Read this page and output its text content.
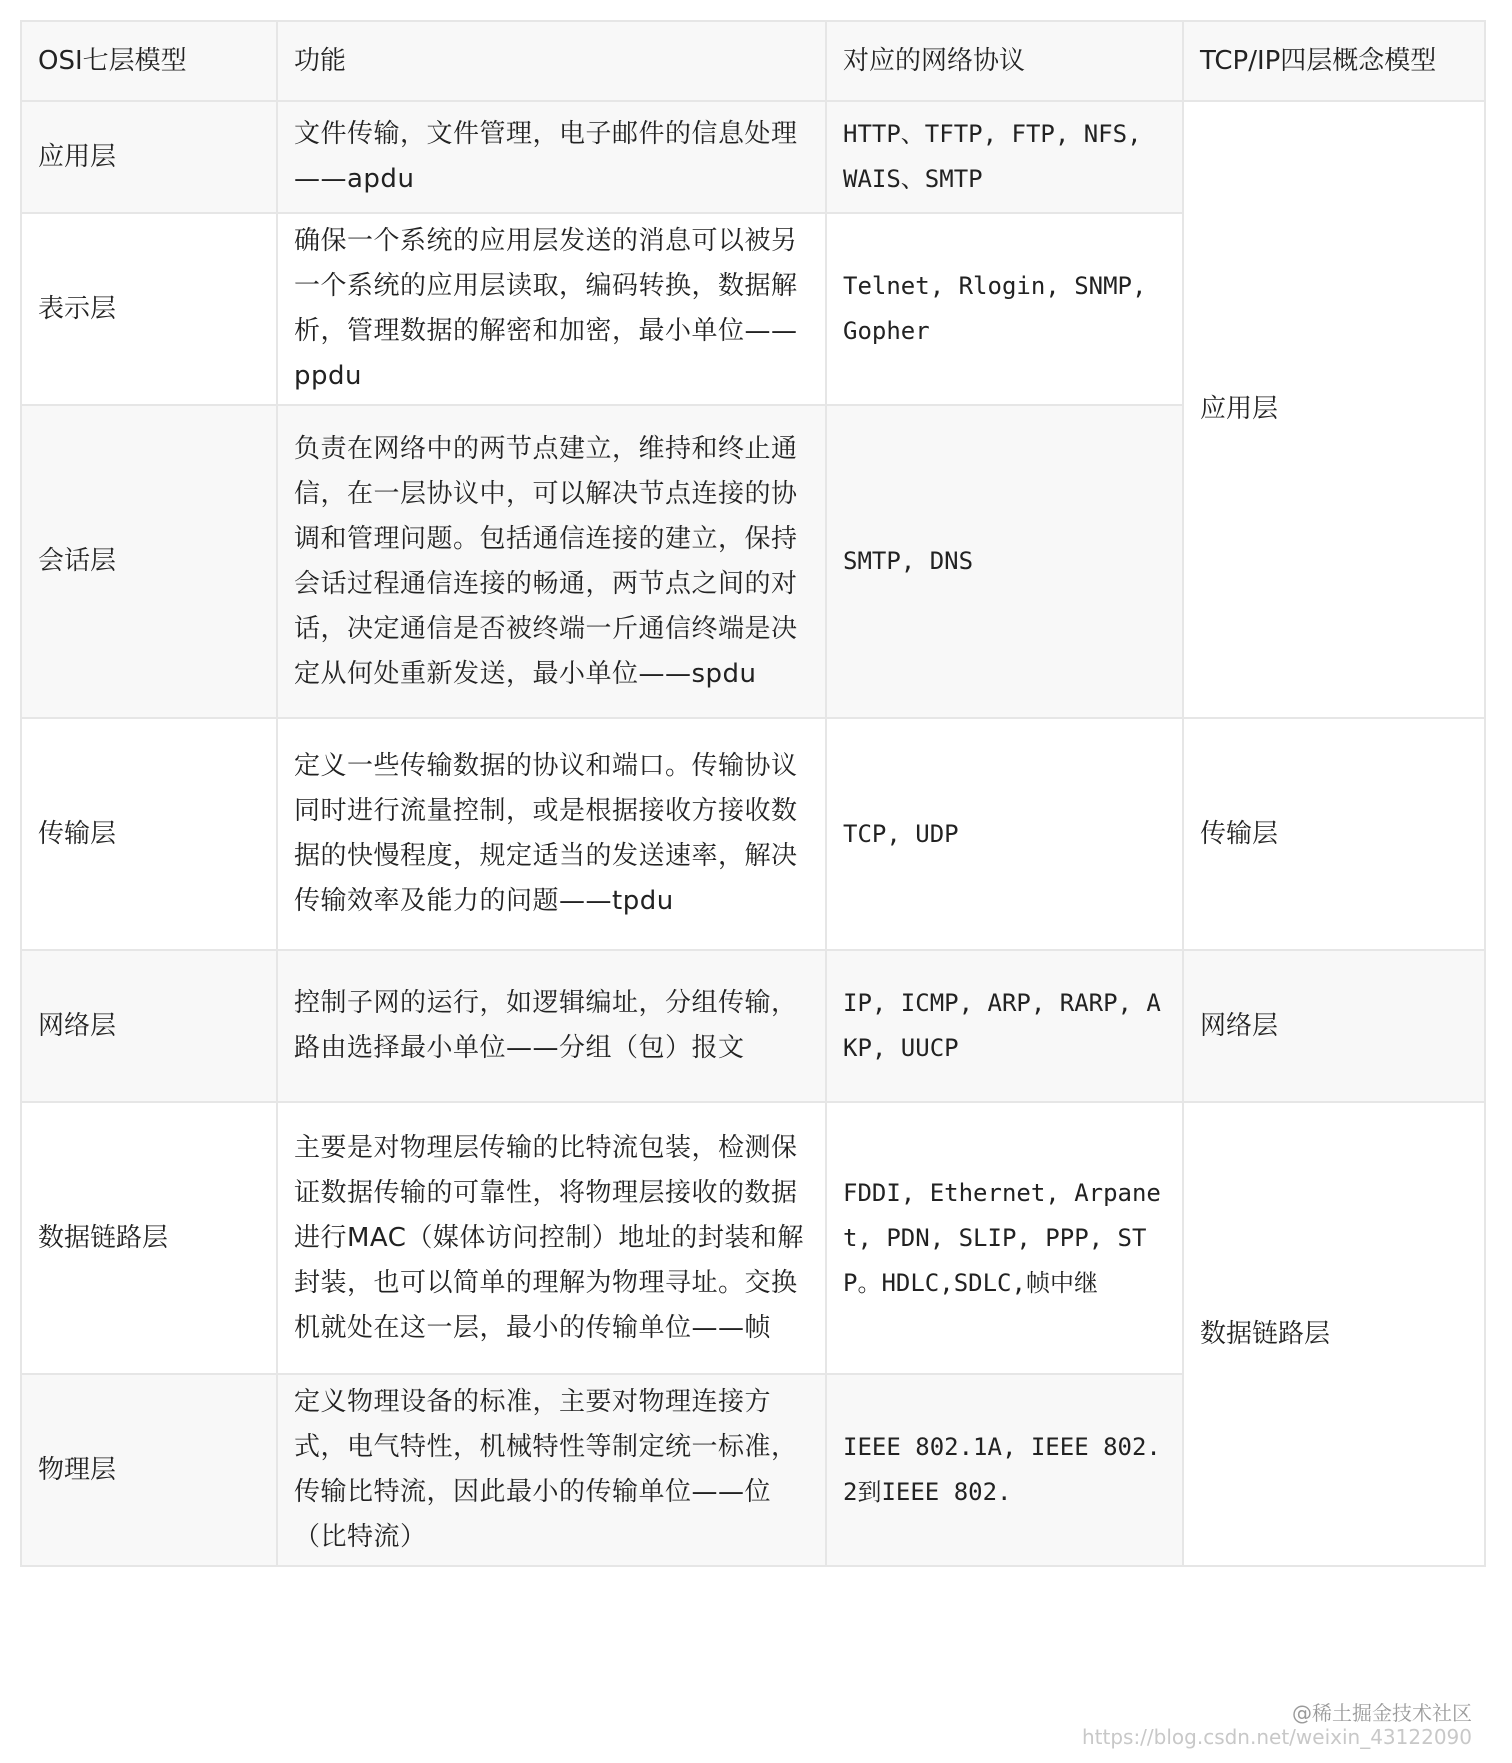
OSI七层模型	功能	对应的网络协议	TCP/IP四层概念模型
应用层	文件传输，文件管理，电子邮件的信息处理——apdu	HTTP、TFTP, FTP, NFS, WAIS、SMTP	应用层
表示层	确保一个系统的应用层发送的消息可以被另一个系统的应用层读取，编码转换，数据解析，管理数据的解密和加密，最小单位——ppdu	Telnet, Rlogin, SNMP, Gopher	
会话层	负责在网络中的两节点建立，维持和终止通信，在一层协议中，可以解决节点连接的协调和管理问题。包括通信连接的建立，保持会话过程通信连接的畅通，两节点之间的对话，决定通信是否被终端一斤通信终端是决定从何处重新发送，最小单位——spdu	SMTP, DNS	
传输层	定义一些传输数据的协议和端口。传输协议同时进行流量控制，或是根据接收方接收数据的快慢程度，规定适当的发送速率，解决传输效率及能力的问题——tpdu	TCP, UDP	传输层
网络层	控制子网的运行，如逻辑编址，分组传输，路由选择最小单位——分组（包）报文	IP, ICMP, ARP, RARP, AKP, UUCP	网络层
数据链路层	主要是对物理层传输的比特流包装，检测保证数据传输的可靠性，将物理层接收的数据进行MAC（媒体访问控制）地址的封装和解封装，也可以简单的理解为物理寻址。交换机就处在这一层，最小的传输单位——帧	FDDI, Ethernet, Arpanet, PDN, SLIP, PPP, STP。HDLC,SDLC,帧中继	数据链路层
物理层	定义物理设备的标准，主要对物理连接方式，电气特性，机械特性等制定统一标准，传输比特流，因此最小的传输单位——位（比特流）	IEEE 802.1A, IEEE 802.2到IEEE 802.	
@稀土掘金技术社区
https://blog.csdn.net/weixin_43122090
